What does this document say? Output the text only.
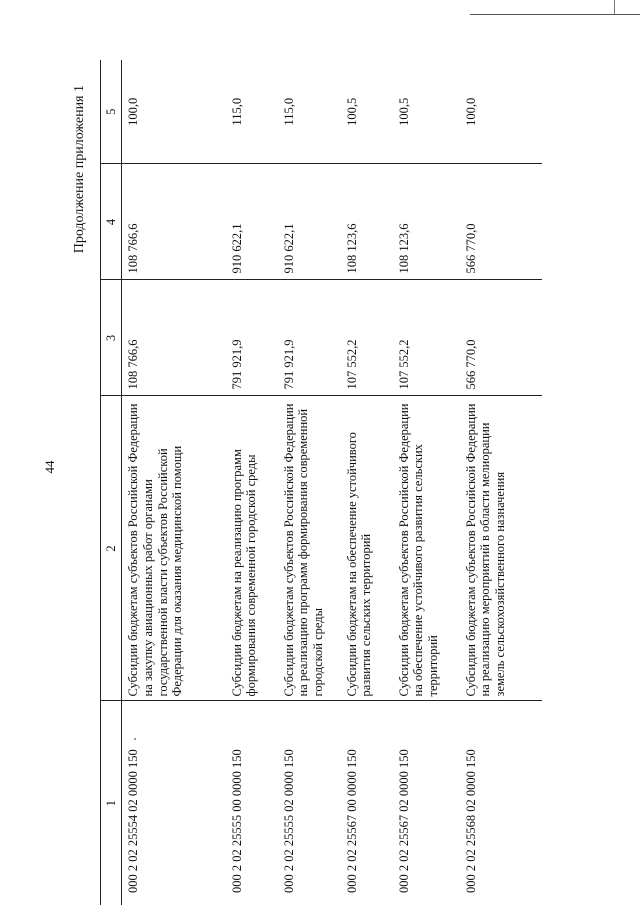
44
Продолжение приложения 1
1	2	3	4	5
000 2 02 25554 02 0000 150	Субсидии бюджетам субъектов Российской Федерации на закупку авиационных работ органами государственной власти субъектов Российской Федерации для оказания медицинской помощи	108 766,6	108 766,6	100,0
000 2 02 25555 00 0000 150	Субсидии бюджетам на реализацию программ формирования современной городской среды	791 921,9	910 622,1	115,0
000 2 02 25555 02 0000 150	Субсидии бюджетам субъектов Российской Федерации на реализацию программ формирования современной городской среды	791 921,9	910 622,1	115,0
000 2 02 25567 00 0000 150	Субсидии бюджетам на обеспечение устойчивого развития сельских территорий	107 552,2	108 123,6	100,5
000 2 02 25567 02 0000 150	Субсидии бюджетам субъектов Российской Федерации на обеспечение устойчивого развития сельских территорий	107 552,2	108 123,6	100,5
000 2 02 25568 02 0000 150	Субсидии бюджетам субъектов Российской Федерации на реализацию мероприятий в области мелиорации земель сельскохозяйственного назначения	566 770,0	566 770,0	100,0
